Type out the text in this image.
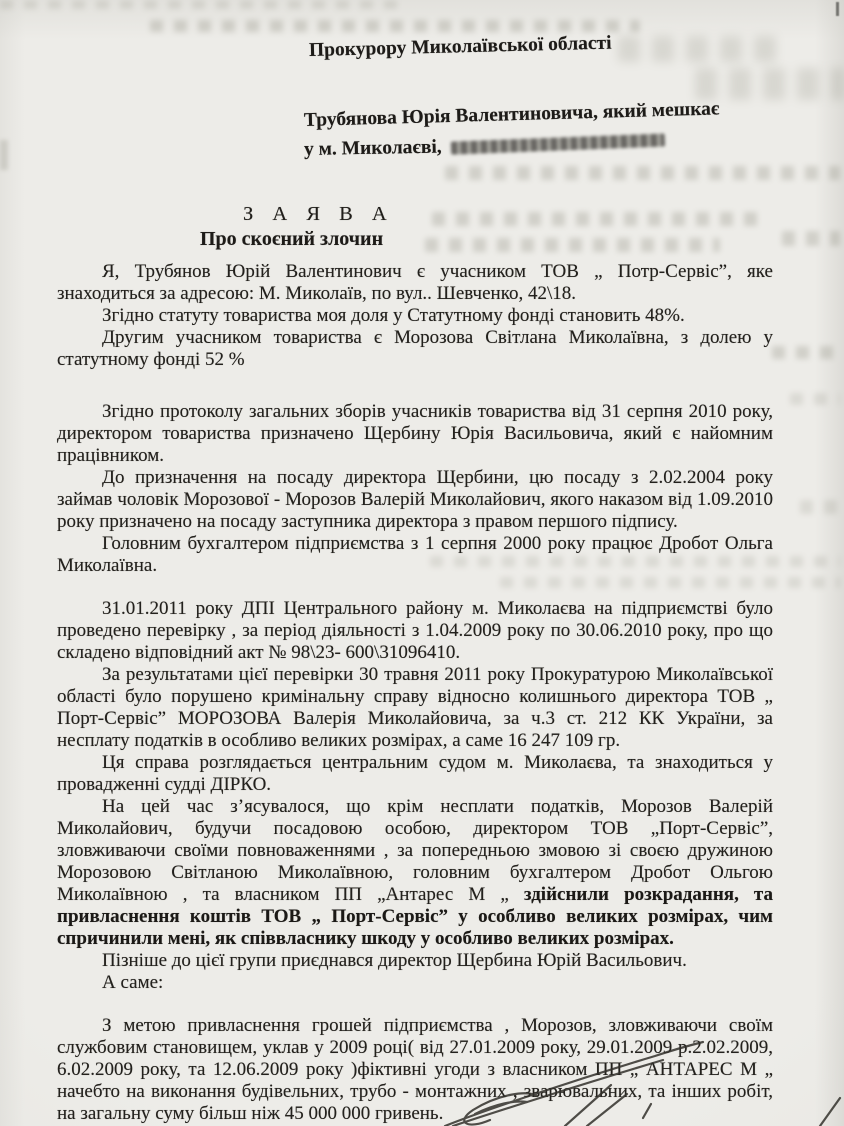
Прокурору Миколаївської області
Трубянова Юрія Валентиновича, який мешкає
у м. Миколаєві,
З А Я В А
Про скоєний злочин

Я, Трубянов Юрій Валентинович є учасником ТОВ „ Потр-Сервіс”, яке знаходиться за адресою: М. Миколаїв, по вул.. Шевченко, 42\18.

Згідно статуту товариства моя доля у Статутному фонді становить 48%.

Другим учасником товариства є Морозова Світлана Миколаївна, з долею у статутному фонді 52 %

Згідно протоколу загальних зборів учасників товариства від 31 серпня 2010 року, директором товариства призначено Щербину Юрія Васильовича, який є найомним працівником.

До призначення на посаду директора Щербини, цю посаду з 2.02.2004 року займав чоловік Морозової - Морозов Валерій Миколайович, якого наказом від 1.09.2010 року призначено на посаду заступника директора з правом першого підпису.

Головним бухгалтером підприємства з 1 серпня 2000 року працює Дробот Ольга Миколаївна.

31.01.2011 року ДПІ Центрального району м. Миколаєва на підприємстві було проведено перевірку , за період діяльності з 1.04.2009 року по 30.06.2010 року, про що складено відповідний акт № 98\23- 600\31096410.

За результатами цієї перевірки 30 травня 2011 року Прокуратурою Миколаївської області було порушено кримінальну справу відносно колишнього директора ТОВ „ Порт-Сервіс” МОРОЗОВА Валерія Миколайовича, за ч.3 ст. 212 КК України, за несплату податків в особливо великих розмірах, а саме 16 247 109 гр.

Ця справа розглядається центральним судом м. Миколаєва, та знаходиться у провадженні судді ДІРКО.

На цей час з’ясувалося, що крім несплати податків, Морозов Валерій Миколайович, будучи посадовою особою, директором ТОВ „Порт-Сервіс”, зловживаючи своїми повноваженнями , за попередньою змовою зі своєю дружиною Морозовою Світланою Миколаївною, головним бухгалтером Дробот Ольгою Миколаївною , та власником ПП „Антарес М „ здійснили розкрадання, та привласнення коштів ТОВ „ Порт-Сервіс” у особливо великих розмірах, чим спричинили мені, як співвласнику шкоду у особливо великих розмірах.

Пізніше до цієї групи приєднався директор Щербина Юрій Васильович.

А саме:

З метою привласнення грошей підприємства , Морозов, зловживаючи своїм службовим становищем, уклав у 2009 році( від 27.01.2009 року, 29.01.2009 р.2.02.2009, 6.02.2009 року, та 12.06.2009 року )фіктивні угоди з власником ПП „ АНТАРЕС М „ начебто на виконання будівельних, трубо - монтажних , зварювальних, та інших робіт, на загальну суму більш ніж 45 000 000 гривень.
